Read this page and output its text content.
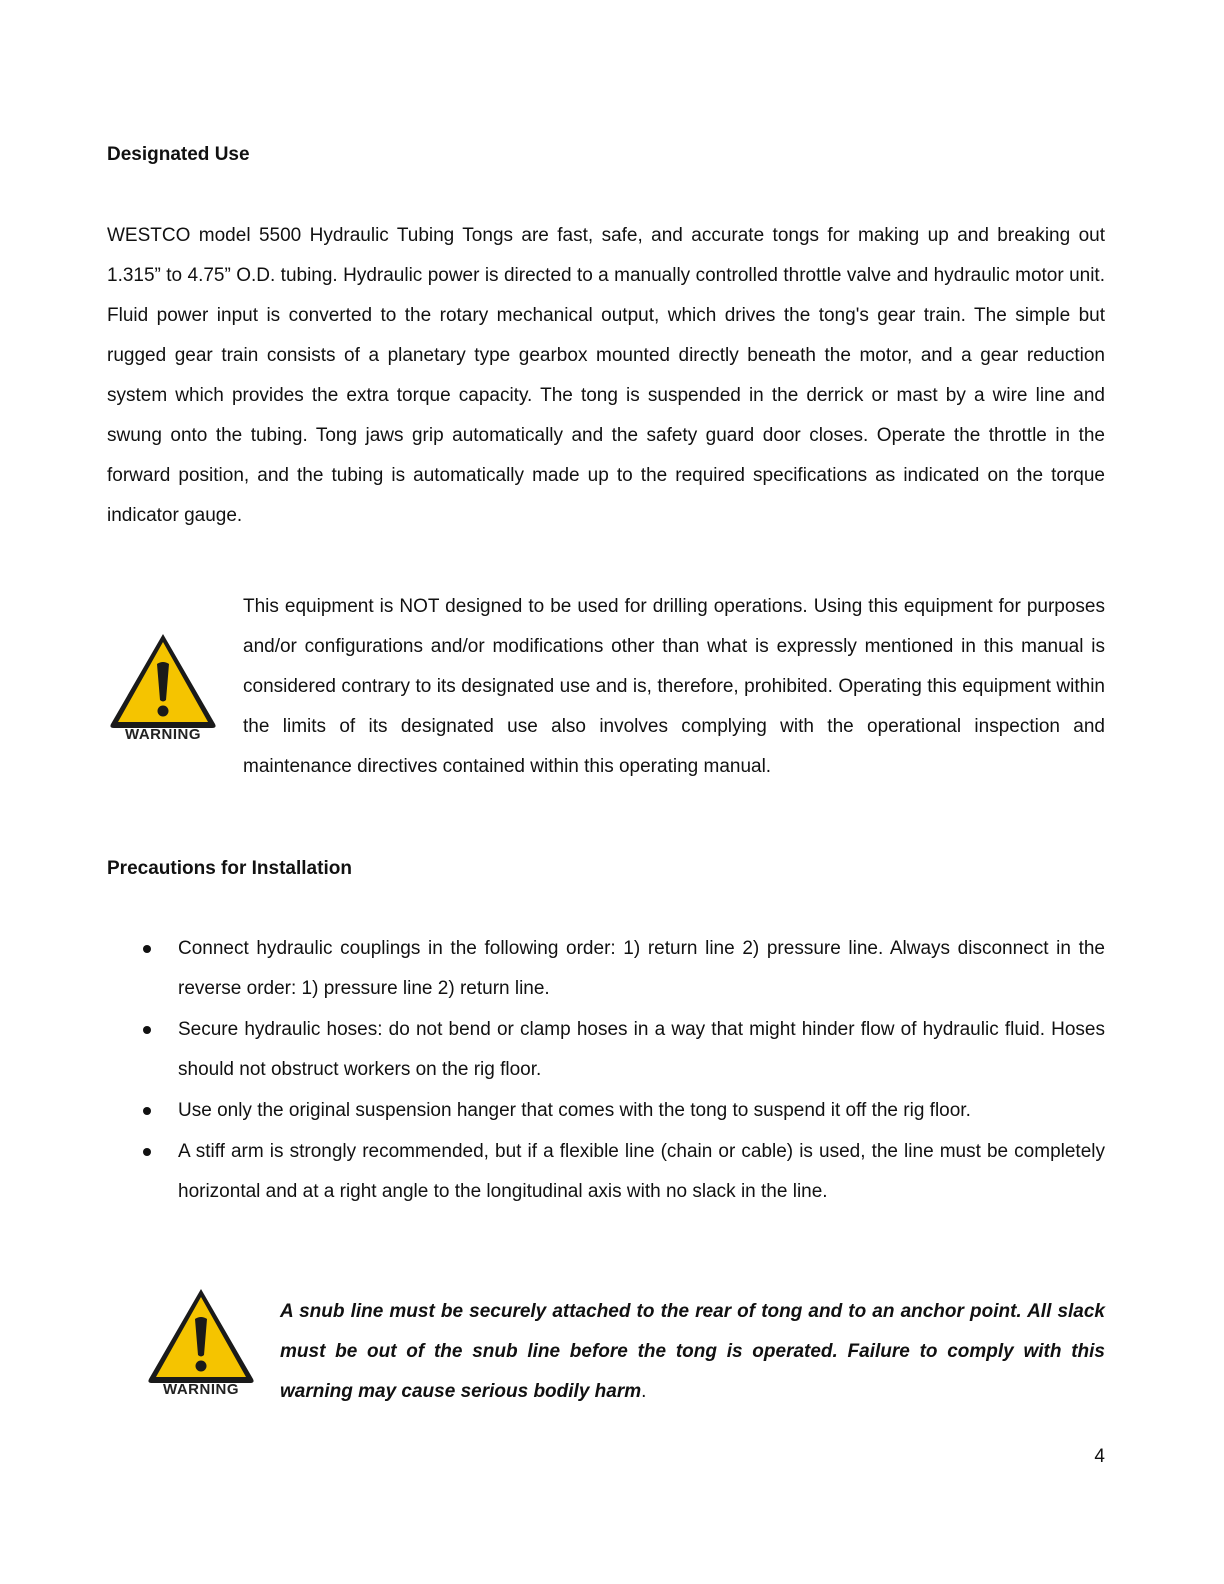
Designated Use

WESTCO model 5500 Hydraulic Tubing Tongs are fast, safe, and accurate tongs for making up and breaking out 1.315” to 4.75” O.D. tubing. Hydraulic power is directed to a manually controlled throttle valve and hydraulic motor unit. Fluid power input is converted to the rotary mechanical output, which drives the tong's gear train. The simple but rugged gear train consists of a planetary type gearbox mounted directly beneath the motor, and a gear reduction system which provides the extra torque capacity. The tong is suspended in the derrick or mast by a wire line and swung onto the tubing. Tong jaws grip automatically and the safety guard door closes. Operate the throttle in the forward position, and the tubing is automatically made up to the required specifications as indicated on the torque indicator gauge.

WARNING

This equipment is NOT designed to be used for drilling operations. Using this equipment for purposes and/or configurations and/or modifications other than what is expressly mentioned in this manual is considered contrary to its designated use and is, therefore, prohibited. Operating this equipment within the limits of its designated use also involves complying with the operational inspection and maintenance directives contained within this operating manual.

Precautions for Installation
Connect hydraulic couplings in the following order: 1) return line 2) pressure line. Always disconnect in the reverse order: 1) pressure line 2) return line.
Secure hydraulic hoses: do not bend or clamp hoses in a way that might hinder flow of hydraulic fluid. Hoses should not obstruct workers on the rig floor.
Use only the original suspension hanger that comes with the tong to suspend it off the rig floor.
A stiff arm is strongly recommended, but if a flexible line (chain or cable) is used, the line must be completely horizontal and at a right angle to the longitudinal axis with no slack in the line.
WARNING

A snub line must be securely attached to the rear of tong and to an anchor point. All slack must be out of the snub line before the tong is operated. Failure to comply with this warning may cause serious bodily harm.

4
